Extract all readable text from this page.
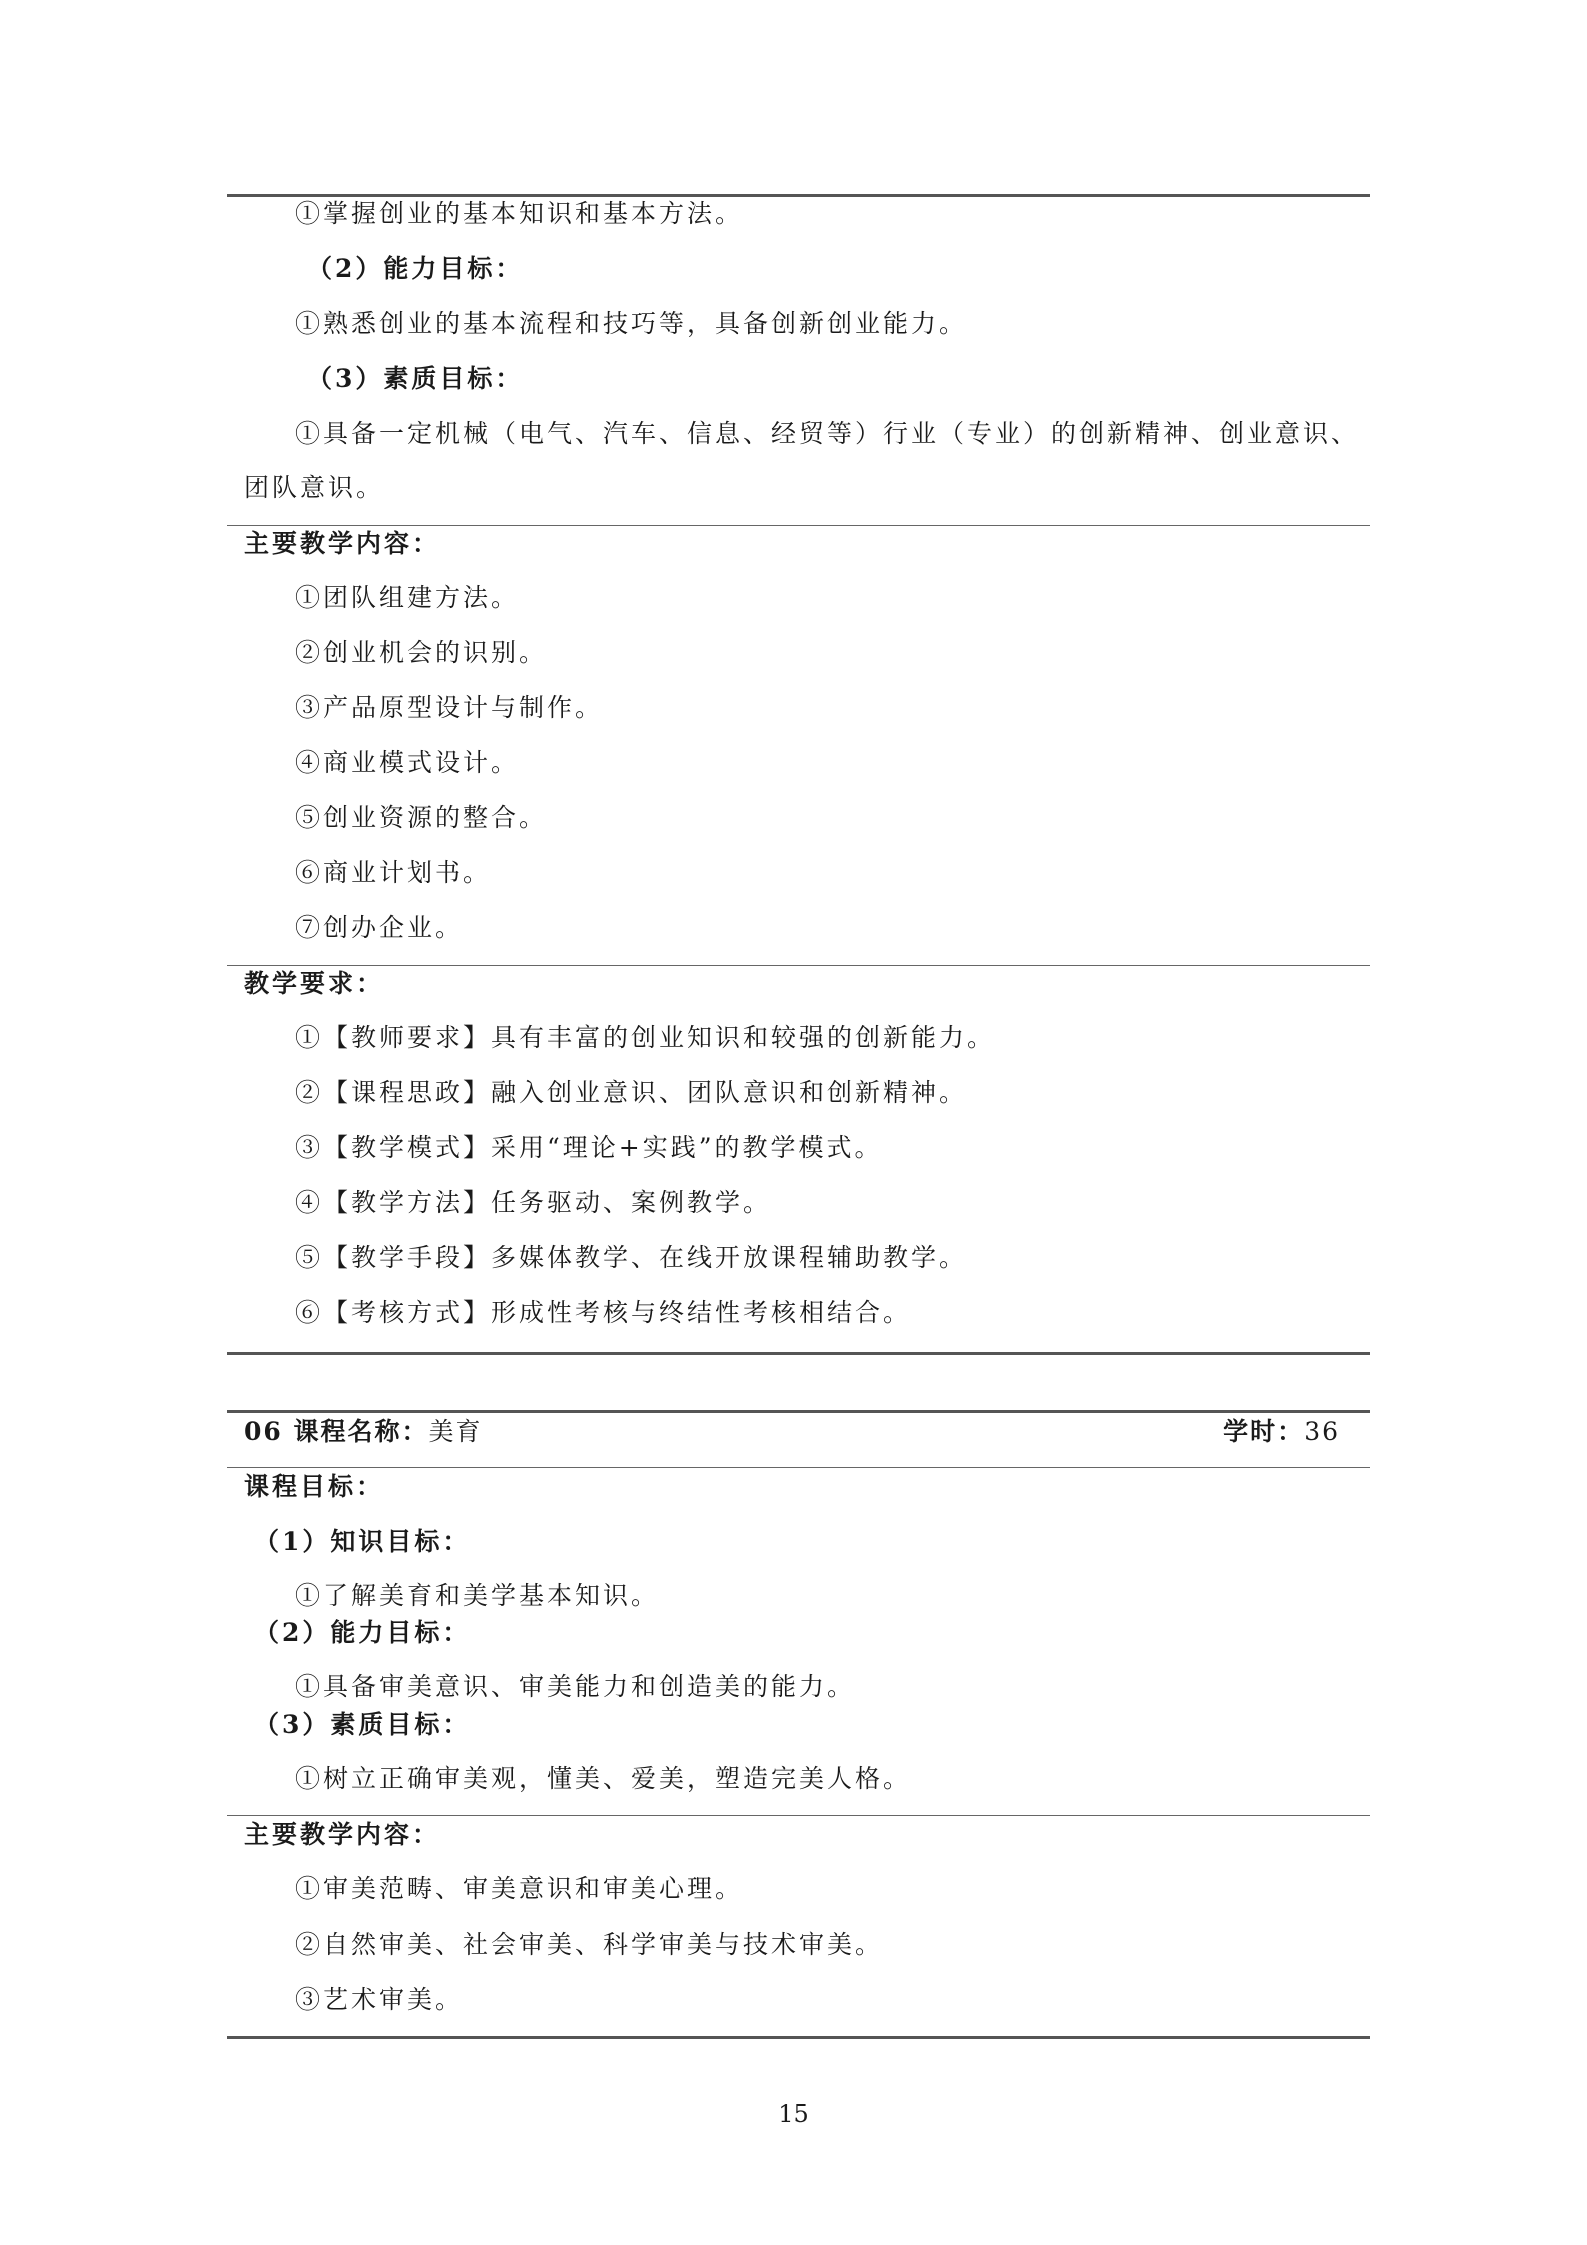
①掌握创业的基本知识和基本方法。
（2）能力目标：
①熟悉创业的基本流程和技巧等，具备创新创业能力。
（3）素质目标：
①具备一定机械（电气、汽车、信息、经贸等）行业（专业）的创新精神、创业意识、
团队意识。
主要教学内容：
①团队组建方法。
②创业机会的识别。
③产品原型设计与制作。
④商业模式设计。
⑤创业资源的整合。
⑥商业计划书。
⑦创办企业。
教学要求：
①【教师要求】具有丰富的创业知识和较强的创新能力。
②【课程思政】融入创业意识、团队意识和创新精神。
③【教学模式】采用“理论+实践”的教学模式。
④【教学方法】任务驱动、案例教学。
⑤【教学手段】多媒体教学、在线开放课程辅助教学。
⑥【考核方式】形成性考核与终结性考核相结合。
06 课程名称：美育	学时：36
课程目标：
（1）知识目标：
①了解美育和美学基本知识。
（2）能力目标：
①具备审美意识、审美能力和创造美的能力。
（3）素质目标：
①树立正确审美观，懂美、爱美，塑造完美人格。
主要教学内容：
①审美范畴、审美意识和审美心理。
②自然审美、社会审美、科学审美与技术审美。
③艺术审美。
15
